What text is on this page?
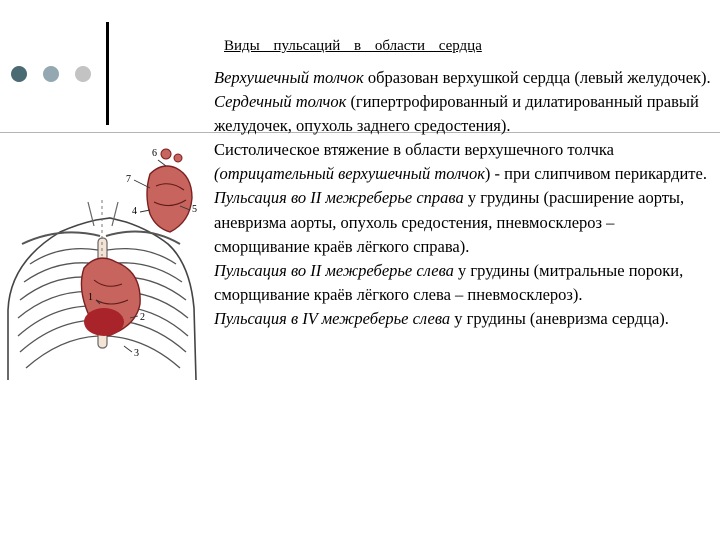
Виды пульсаций в области сердца

Верхушечный толчок образован верхушкой сердца (левый желудочек).

Сердечный толчок (гипертрофированный и дилатированный правый желудочек, опухоль заднего средостения).

Систолическое втяжение в области верхушечного толчка (отрицательный верхушечный толчок) - при слипчивом перикардите.

Пульсация во II межреберье справа у грудины (расширение аорты, аневризма аорты, опухоль средостения, пневмосклероз – сморщивание краёв лёгкого справа).

Пульсация во II межреберье слева у грудины (митральные пороки, сморщивание краёв лёгкого слева – пневмосклероз).

Пульсация в IV межреберье слева у грудины (аневризма сердца).

6
7
4	5
1
2
3
